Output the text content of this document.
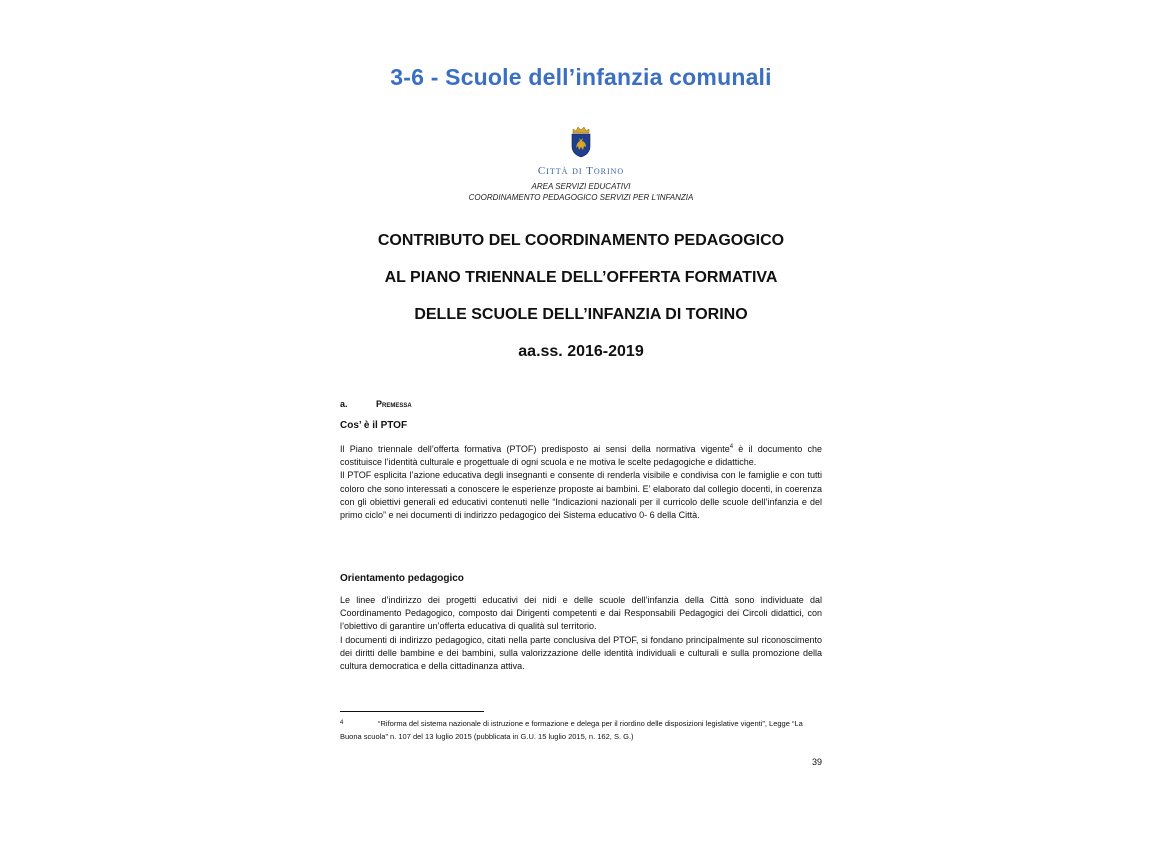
3-6 - Scuole dell’infanzia comunali
Città di Torino
AREA SERVIZI EDUCATIVI
COORDINAMENTO PEDAGOGICO SERVIZI PER L'INFANZIA
CONTRIBUTO DEL COORDINAMENTO PEDAGOGICO
AL PIANO TRIENNALE DELL’OFFERTA FORMATIVA
DELLE SCUOLE DELL’INFANZIA DI TORINO
aa.ss. 2016-2019
a.	Premessa
Cos’ è il PTOF

Il Piano triennale dell’offerta formativa (PTOF) predisposto ai sensi della normativa vigente$^4$ è il documento che costituisce l’identità culturale e progettuale di ogni scuola e ne motiva le scelte pedagogiche e didattiche.

Il PTOF esplicita l’azione educativa degli insegnanti e consente di renderla visibile e condivisa con le famiglie e con tutti coloro che sono interessati a conoscere le esperienze proposte ai bambini. E’ elaborato dal collegio docenti, in coerenza con gli obiettivi generali ed educativi contenuti nelle “Indicazioni nazionali per il curricolo delle scuole dell’infanzia e del primo ciclo” e nei documenti di indirizzo pedagogico dei Sistema educativo 0- 6 della Città.

Orientamento pedagogico

Le linee d’indirizzo dei progetti educativi dei nidi e delle scuole dell’infanzia della Città sono individuate dal Coordinamento Pedagogico, composto dai Dirigenti competenti e dai Responsabili Pedagogici dei Circoli didattici, con l’obiettivo di garantire un’offerta educativa di qualità sul territorio.

I documenti di indirizzo pedagogico, citati nella parte conclusiva del PTOF, si fondano principalmente sul riconoscimento dei diritti delle bambine e dei bambini, sulla valorizzazione delle identità individuali e culturali e sulla promozione della cultura democratica e della cittadinanza attiva.

4	“Riforma del sistema nazionale di istruzione e formazione e delega per il riordino delle disposizioni legislative vigenti”, Legge “La Buona scuola” n. 107 del 13 luglio 2015 (pubblicata in G.U. 15 luglio 2015, n. 162, S. G.)
39
